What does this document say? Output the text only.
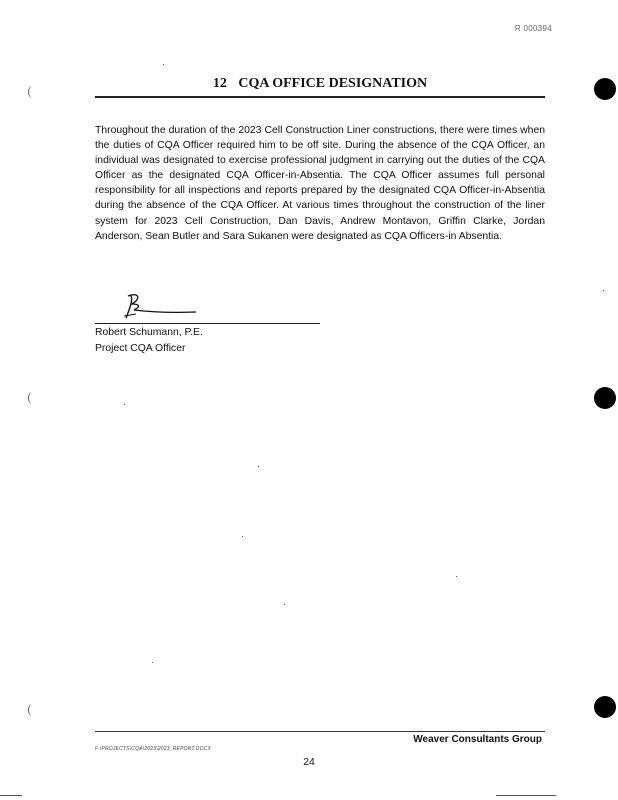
R 000394
12 CQA OFFICE DESIGNATION

Throughout the duration of the 2023 Cell Construction Liner constructions, there were times when the duties of CQA Officer required him to be off site. During the absence of the CQA Officer, an individual was designated to exercise professional judgment in carrying out the duties of the CQA Officer as the designated CQA Officer-in-Absentia. The CQA Officer assumes full personal responsibility for all inspections and reports prepared by the designated CQA Officer-in-Absentia during the absence of the CQA Officer. At various times throughout the construction of the liner system for 2023 Cell Construction, Dan Davis, Andrew Montavon, Griffin Clarke, Jordan Anderson, Sean Butler and Sara Sukanen were designated as CQA Officers-in Absentia.

Robert Schumann, P.E.
Project CQA Officer
Weaver Consultants Group
F:\PROJECTS\CQA\2023\2023_REPORT.DOCX
24
